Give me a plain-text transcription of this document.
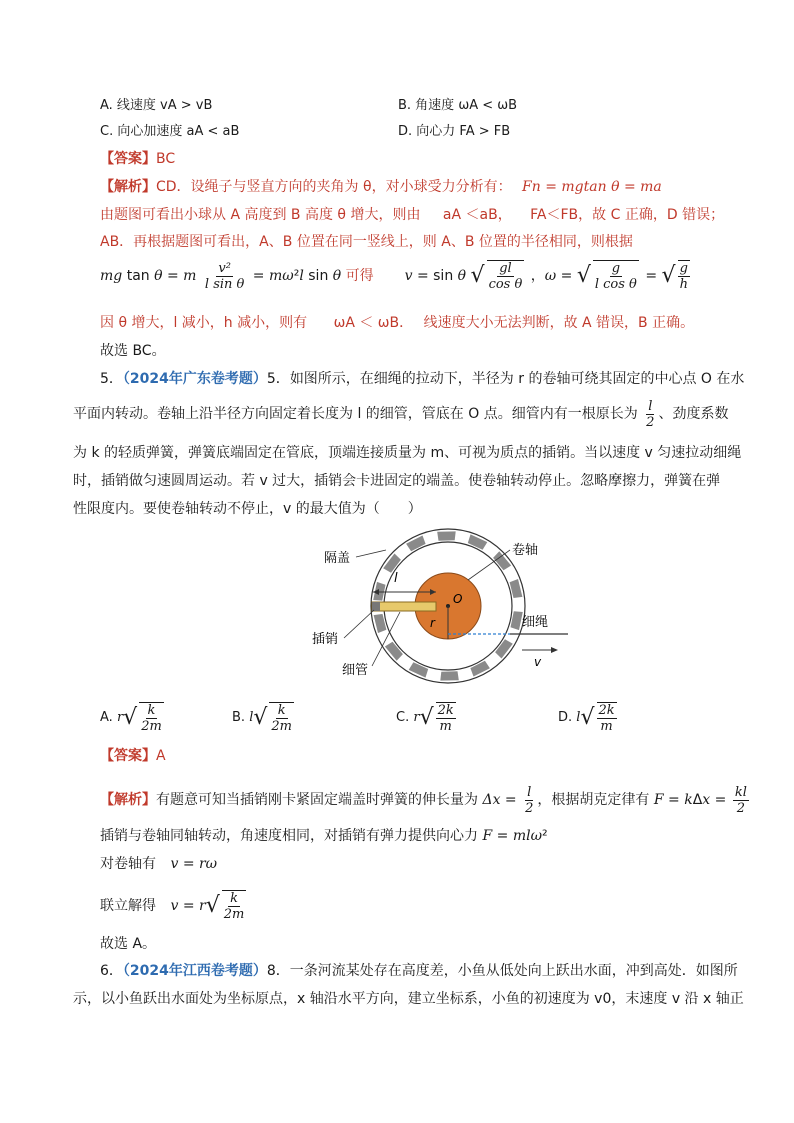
A. 线速度 vA > vB	B. 角速度 ωA < ωB
C. 向心加速度 aA < aB	D. 向心力 FA > FB
【答案】BC
【解析】CD．设绳子与竖直方向的夹角为 θ，对小球受力分析有： Fn = mgtan θ = ma
由题图可看出小球从 A 高度到 B 高度 θ 增大，则由 aA ＜aB， FA＜FB，故 C 正确，D 错误；
AB．再根据题图可看出，A、B 位置在同一竖线上，则 A、B 位置的半径相同，则根据
mg tan θ = m $\frac{\text{v²}}{\text{l sin θ}} = m\omega^2l$ sin θ 可得 v = sin θ √ $\frac{gl}{\text{cos θ}}$ ，ω = √ $\frac{g}{\text{l cos θ}}$ = √ $\frac{g}{h}$
因 θ 增大，l 减小，h 减小，则有 ωA ＜ ωB． 线速度大小无法判断，故 A 错误，B 正确。
故选 BC。
5．（2024年广东卷考题）5．如图所示，在细绳的拉动下，半径为 r 的卷轴可绕其固定的中心点 O 在水
平面内转动。卷轴上沿半径方向固定着长度为 l 的细管，管底在 O 点。细管内有一根原长为 $\frac{l}{2}$ 、劲度系数
为 k 的轻质弹簧，弹簧底端固定在管底，顶端连接质量为 m、可视为质点的插销。当以速度 v 匀速拉动细绳
时，插销做匀速圆周运动。若 v 过大，插销会卡进固定的端盖。使卷轴转动停止。忽略摩擦力，弹簧在弹
性限度内。要使卷轴转动不停止，v 的最大值为（　　）
l
O
r	细绳
v
隔盖
卷轴
插销
细管
A. r √ $\frac{k}{2m}$	B. l √ $\frac{k}{2m}$	C. r √ $\frac{2k}{m}$	D. l √ $\frac{2k}{m}$
【答案】A
【解析】有题意可知当插销刚卡紧固定端盖时弹簧的伸长量为 $\Delta x = \frac{l}{2}$ ，根据胡克定律有 $F = k\Delta x = \frac{kl}{2}$
插销与卷轴同轴转动，角速度相同，对插销有弹力提供向心力 F = mlω²
对卷轴有 v = rω
联立解得 v = r √ $\frac{k}{2m}$
故选 A。
6．（2024年江西卷考题）8．一条河流某处存在高度差，小鱼从低处向上跃出水面，冲到高处．如图所
示，以小鱼跃出水面处为坐标原点，x 轴沿水平方向，建立坐标系，小鱼的初速度为 v0，末速度 v 沿 x 轴正
